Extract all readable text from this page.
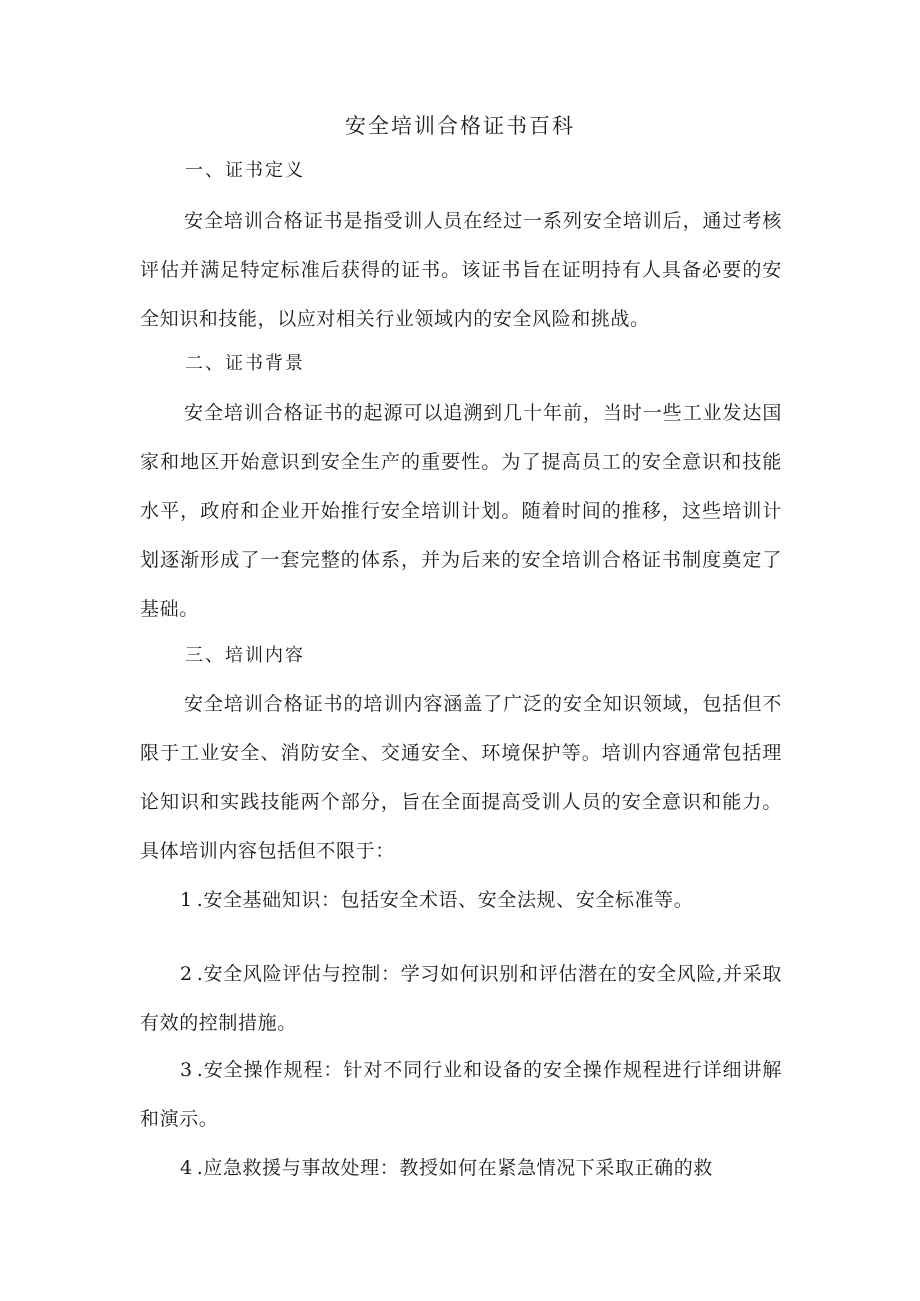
安全培训合格证书百科
一、证书定义
安全培训合格证书是指受训人员在经过一系列安全培训后，通过考核评估并满足特定标准后获得的证书。该证书旨在证明持有人具备必要的安全知识和技能，以应对相关行业领域内的安全风险和挑战。
二、证书背景
安全培训合格证书的起源可以追溯到几十年前，当时一些工业发达国家和地区开始意识到安全生产的重要性。为了提高员工的安全意识和技能水平，政府和企业开始推行安全培训计划。随着时间的推移，这些培训计划逐渐形成了一套完整的体系，并为后来的安全培训合格证书制度奠定了基础。
三、培训内容
安全培训合格证书的培训内容涵盖了广泛的安全知识领域，包括但不限于工业安全、消防安全、交通安全、环境保护等。培训内容通常包括理论知识和实践技能两个部分，旨在全面提高受训人员的安全意识和能力。具体培训内容包括但不限于：
1 .安全基础知识：包括安全术语、安全法规、安全标准等。
2 .安全风险评估与控制：学习如何识别和评估潜在的安全风险,并采取有效的控制措施。
3 .安全操作规程：针对不同行业和设备的安全操作规程进行详细讲解和演示。
4 .应急救援与事故处理：教授如何在紧急情况下采取正确的救
